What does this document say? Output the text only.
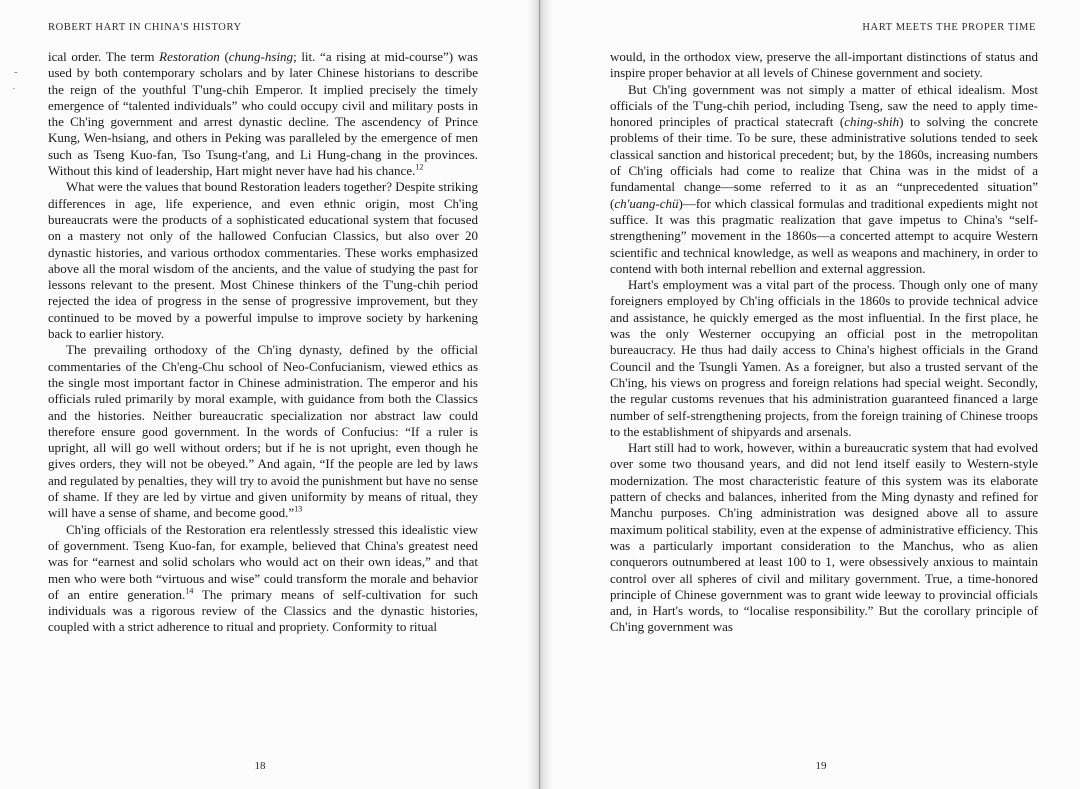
ROBERT HART IN CHINA'S HISTORY
-
·

ical order. The term Restoration (chung-hsing; lit. “a rising at mid-course”) was used by both contemporary scholars and by later Chinese historians to describe the reign of the youthful T'ung-chih Emperor. It implied precisely the timely emergence of “talented individuals” who could occupy civil and military posts in the Ch'ing government and arrest dynastic decline. The ascendency of Prince Kung, Wen-hsiang, and others in Peking was paralleled by the emergence of men such as Tseng Kuo-fan, Tso Tsung-t'ang, and Li Hung-chang in the provinces. Without this kind of leadership, Hart might never have had his chance.$^{12}$

What were the values that bound Restoration leaders together? Despite striking differences in age, life experience, and even ethnic origin, most Ch'ing bureaucrats were the products of a sophisticated educational system that focused on a mastery not only of the hallowed Confucian Classics, but also over 20 dynastic histories, and various orthodox commentaries. These works emphasized above all the moral wisdom of the ancients, and the value of studying the past for lessons relevant to the present. Most Chinese thinkers of the T'ung-chih period rejected the idea of progress in the sense of progressive improvement, but they continued to be moved by a powerful impulse to improve society by harkening back to earlier history.

The prevailing orthodoxy of the Ch'ing dynasty, defined by the official commentaries of the Ch'eng-Chu school of Neo-Confucianism, viewed ethics as the single most important factor in Chinese administration. The emperor and his officials ruled primarily by moral example, with guidance from both the Classics and the histories. Neither bureaucratic specialization nor abstract law could therefore ensure good government. In the words of Confucius: “If a ruler is upright, all will go well without orders; but if he is not upright, even though he gives orders, they will not be obeyed.” And again, “If the people are led by laws and regulated by penalties, they will try to avoid the punishment but have no sense of shame. If they are led by virtue and given uniformity by means of ritual, they will have a sense of shame, and become good.”$^{13}$

Ch'ing officials of the Restoration era relentlessly stressed this idealistic view of government. Tseng Kuo-fan, for example, believed that China's greatest need was for “earnest and solid scholars who would act on their own ideas,” and that men who were both “virtuous and wise” could transform the morale and behavior of an entire generation.$^{14}$ The primary means of self-cultivation for such individuals was a rigorous review of the Classics and the dynastic histories, coupled with a strict adherence to ritual and propriety. Conformity to ritual

18
HART MEETS THE PROPER TIME

would, in the orthodox view, preserve the all-important distinctions of status and inspire proper behavior at all levels of Chinese government and society.

But Ch'ing government was not simply a matter of ethical idealism. Most officials of the T'ung-chih period, including Tseng, saw the need to apply time-honored principles of practical statecraft (ching-shih) to solving the concrete problems of their time. To be sure, these administrative solutions tended to seek classical sanction and historical precedent; but, by the 1860s, increasing numbers of Ch'ing officials had come to realize that China was in the midst of a fundamental change—some referred to it as an “unprecedented situation” (ch'uang-chü)—for which classical formulas and traditional expedients might not suffice. It was this pragmatic realization that gave impetus to China's “self-strengthening” movement in the 1860s—a concerted attempt to acquire Western scientific and technical knowledge, as well as weapons and machinery, in order to contend with both internal rebellion and external aggression.

Hart's employment was a vital part of the process. Though only one of many foreigners employed by Ch'ing officials in the 1860s to provide technical advice and assistance, he quickly emerged as the most influential. In the first place, he was the only Westerner occupying an official post in the metropolitan bureaucracy. He thus had daily access to China's highest officials in the Grand Council and the Tsungli Yamen. As a foreigner, but also a trusted servant of the Ch'ing, his views on progress and foreign relations had special weight. Secondly, the regular customs revenues that his administration guaranteed financed a large number of self-strengthening projects, from the foreign training of Chinese troops to the establishment of shipyards and arsenals.

Hart still had to work, however, within a bureaucratic system that had evolved over some two thousand years, and did not lend itself easily to Western-style modernization. The most characteristic feature of this system was its elaborate pattern of checks and balances, inherited from the Ming dynasty and refined for Manchu purposes. Ch'ing administration was designed above all to assure maximum political stability, even at the expense of administrative efficiency. This was a particularly important consideration to the Manchus, who as alien conquerors outnumbered at least 100 to 1, were obsessively anxious to maintain control over all spheres of civil and military government. True, a time-honored principle of Chinese government was to grant wide leeway to provincial officials and, in Hart's words, to “localise responsibility.” But the corollary principle of Ch'ing government was

19
